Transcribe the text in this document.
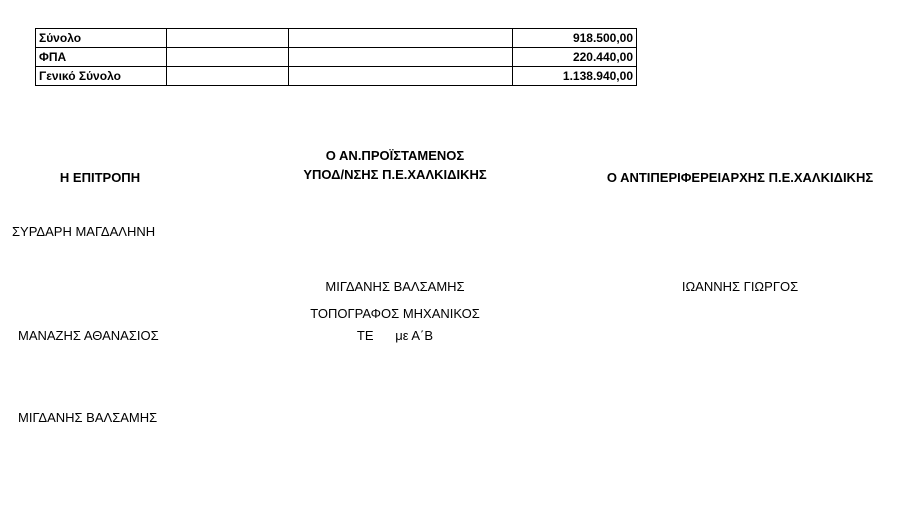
Σύνολο			918.500,00
ΦΠΑ			220.440,00
Γενικό Σύνολο			1.138.940,00
Η ΕΠΙΤΡΟΠΗ
Ο ΑΝ.ΠΡΟΪΣΤΑΜΕΝΟΣ
ΥΠΟΔ/ΝΣΗΣ Π.Ε.ΧΑΛΚΙΔΙΚΗΣ	Ο ΑΝΤΙΠΕΡΙΦΕΡΕΙΑΡΧΗΣ Π.Ε.ΧΑΛΚΙΔΙΚΗΣ
ΣΥΡΔΑΡΗ ΜΑΓΔΑΛΗΝΗ
ΜΑΝΑΖΗΣ ΑΘΑΝΑΣΙΟΣ
ΜΙΓΔΑΝΗΣ ΒΑΛΣΑΜΗΣ
ΜΙΓΔΑΝΗΣ ΒΑΛΣΑΜΗΣ
ΤΟΠΟΓΡΑΦΟΣ ΜΗΧΑΝΙΚΟΣ
ΤΕ      με Α΄Β
ΙΩΑΝΝΗΣ ΓΙΩΡΓΟΣ
